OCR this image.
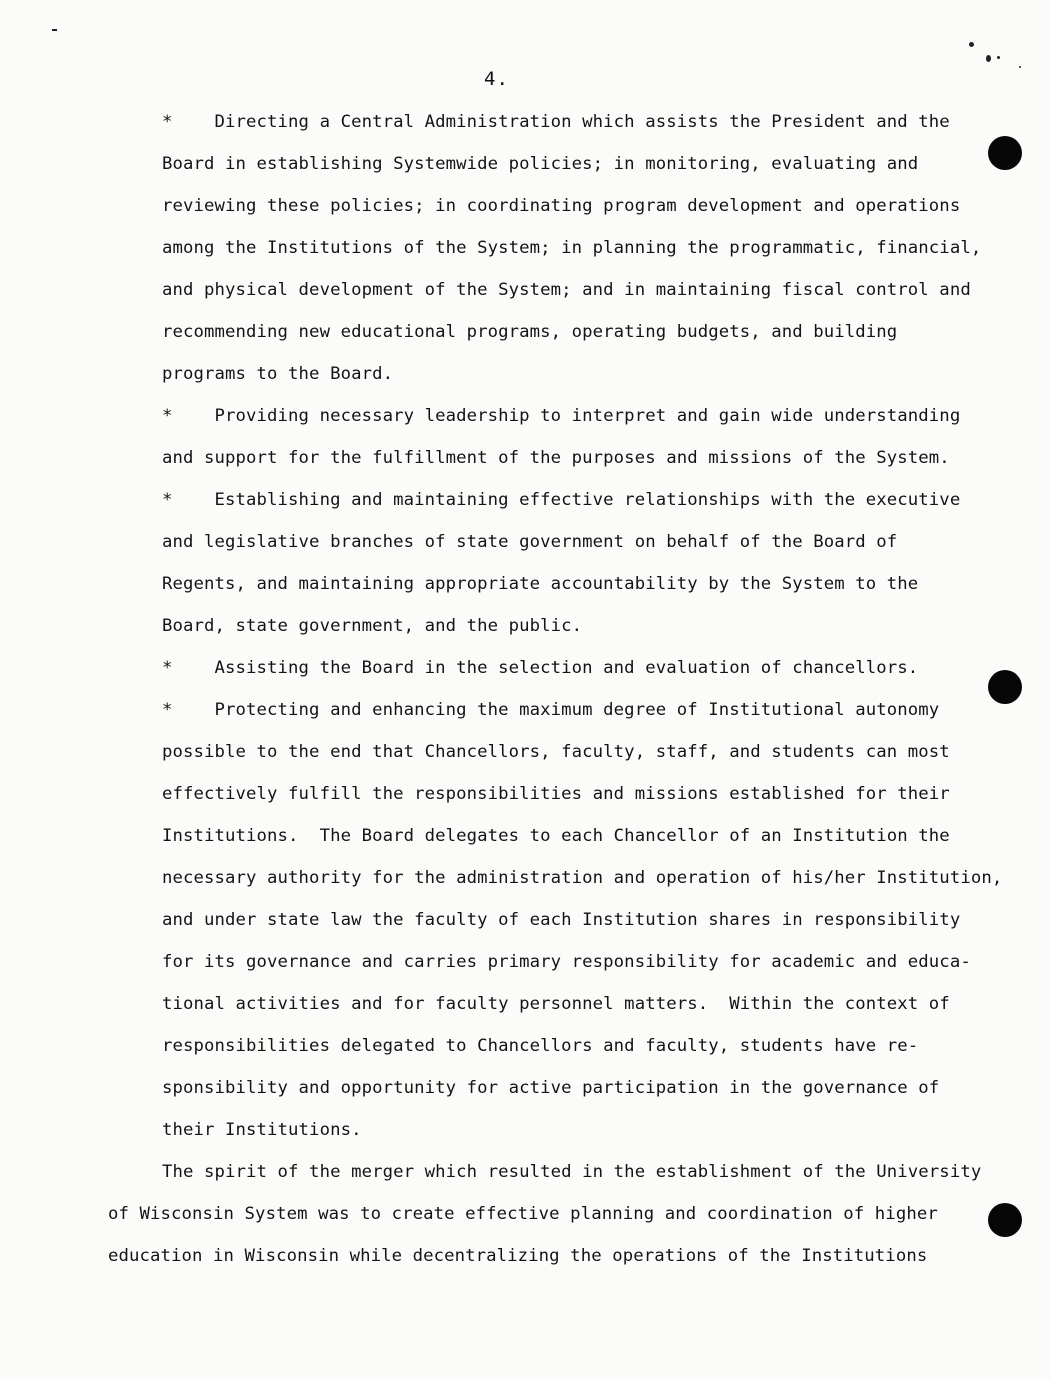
4.
*    Directing a Central Administration which assists the President and the
Board in establishing Systemwide policies; in monitoring, evaluating and
reviewing these policies; in coordinating program development and operations
among the Institutions of the System; in planning the programmatic, financial,
and physical development of the System; and in maintaining fiscal control and
recommending new educational programs, operating budgets, and building
programs to the Board.
*    Providing necessary leadership to interpret and gain wide understanding
and support for the fulfillment of the purposes and missions of the System.
*    Establishing and maintaining effective relationships with the executive
and legislative branches of state government on behalf of the Board of
Regents, and maintaining appropriate accountability by the System to the
Board, state government, and the public.
*    Assisting the Board in the selection and evaluation of chancellors.
*    Protecting and enhancing the maximum degree of Institutional autonomy
possible to the end that Chancellors, faculty, staff, and students can most
effectively fulfill the responsibilities and missions established for their
Institutions.  The Board delegates to each Chancellor of an Institution the
necessary authority for the administration and operation of his/her Institution,
and under state law the faculty of each Institution shares in responsibility
for its governance and carries primary responsibility for academic and educa-
tional activities and for faculty personnel matters.  Within the context of
responsibilities delegated to Chancellors and faculty, students have re-
sponsibility and opportunity for active participation in the governance of
their Institutions.
The spirit of the merger which resulted in the establishment of the University
of Wisconsin System was to create effective planning and coordination of higher
education in Wisconsin while decentralizing the operations of the Institutions
